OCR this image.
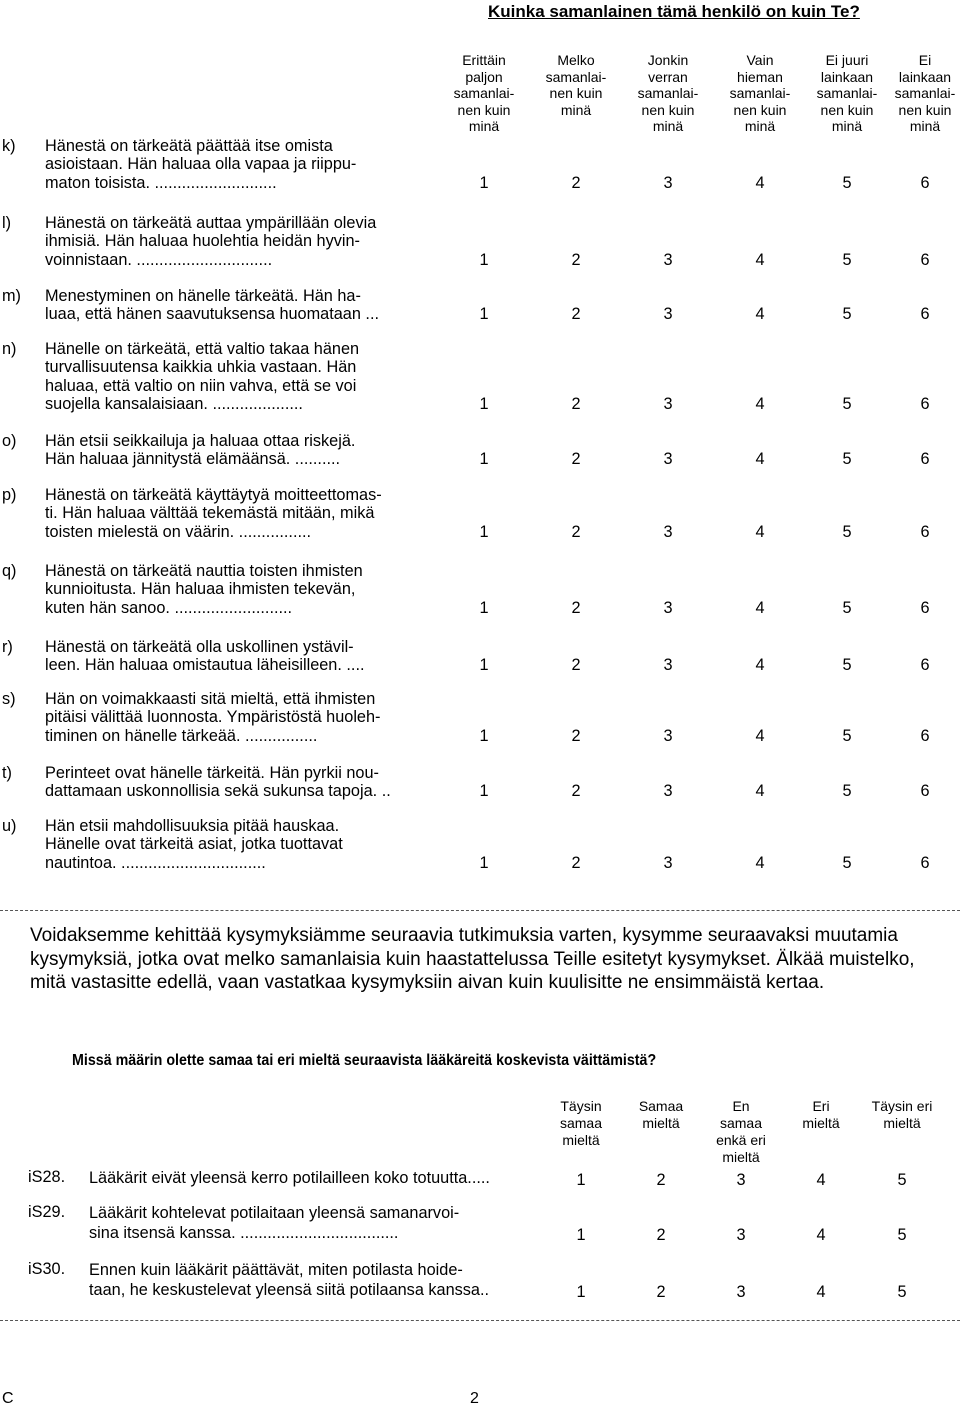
Kuinka samanlainen tämä henkilö on kuin Te?
Erittäin
paljon
samanlai-
nen kuin
minä
Melko
samanlai-
nen kuin
minä
Jonkin
verran
samanlai-
nen kuin
minä
Vain
hieman
samanlai-
nen kuin
minä
Ei juuri
lainkaan
samanlai-
nen kuin
minä
Ei
lainkaan
samanlai-
nen kuin
minä
k) Hänestä on tärkeätä päättää itse omista
asioistaan. Hän haluaa olla vapaa ja riippu-
maton toisista. ...........................	1	2	3	4	5	6
l) Hänestä on tärkeätä auttaa ympärillään olevia
ihmisiä. Hän haluaa huolehtia heidän hyvin-
voinnistaan. ..............................	1	2	3	4	5	6
m) Menestyminen on hänelle tärkeätä. Hän ha-
luaa, että hänen saavutuksensa huomataan ...	1	2	3	4	5	6
n) Hänelle on tärkeätä, että valtio takaa hänen
turvallisuutensa kaikkia uhkia vastaan. Hän
haluaa, että valtio on niin vahva, että se voi
suojella kansalaisiaan. ....................	1	2	3	4	5	6
o) Hän etsii seikkailuja ja haluaa ottaa riskejä.
Hän haluaa jännitystä elämäänsä. ..........	1	2	3	4	5	6
p) Hänestä on tärkeätä käyttäytyä moitteettomas-
ti. Hän haluaa välttää tekemästä mitään, mikä
toisten mielestä on väärin. ................	1	2	3	4	5	6
q) Hänestä on tärkeätä nauttia toisten ihmisten
kunnioitusta. Hän haluaa ihmisten tekevän,
kuten hän sanoo. ..........................	1	2	3	4	5	6
r) Hänestä on tärkeätä olla uskollinen ystävil-
leen. Hän haluaa omistautua läheisilleen. ....	1	2	3	4	5	6
s) Hän on voimakkaasti sitä mieltä, että ihmisten
pitäisi välittää luonnosta. Ympäristöstä huoleh-
timinen on hänelle tärkeää. ................	1	2	3	4	5	6
t) Perinteet ovat hänelle tärkeitä. Hän pyrkii nou-
dattamaan uskonnollisia sekä sukunsa tapoja. ..	1	2	3	4	5	6
u) Hän etsii mahdollisuuksia pitää hauskaa.
Hänelle ovat tärkeitä asiat, jotka tuottavat
nautintoa. ................................	1	2	3	4	5	6
Voidaksemme kehittää kysymyksiämme seuraavia tutkimuksia varten, kysymme seuraavaksi muutamia kysymyksiä, jotka ovat melko samanlaisia kuin haastattelussa Teille esitetyt kysymykset. Älkää muistelko, mitä vastasitte edellä, vaan vastatkaa kysymyksiin aivan kuin kuulisitte ne ensimmäistä kertaa.
Missä määrin olette samaa tai eri mieltä seuraavista lääkäreitä koskevista väittämistä?
Täysin
samaa
mieltä
Samaa
mieltä
En
samaa
enkä eri
mieltä
Eri
mieltä
Täysin eri
mieltä
iS28. Lääkärit eivät yleensä kerro potilailleen koko totuutta.....	1	2	3	4	5
iS29. Lääkärit kohtelevat potilaitaan yleensä samanarvoi-
sina itsensä kanssa. ...................................	1	2	3	4	5
iS30. Ennen kuin lääkärit päättävät, miten potilasta hoide-
taan, he keskustelevat yleensä siitä potilaansa kanssa..	1	2	3	4	5
C	2
